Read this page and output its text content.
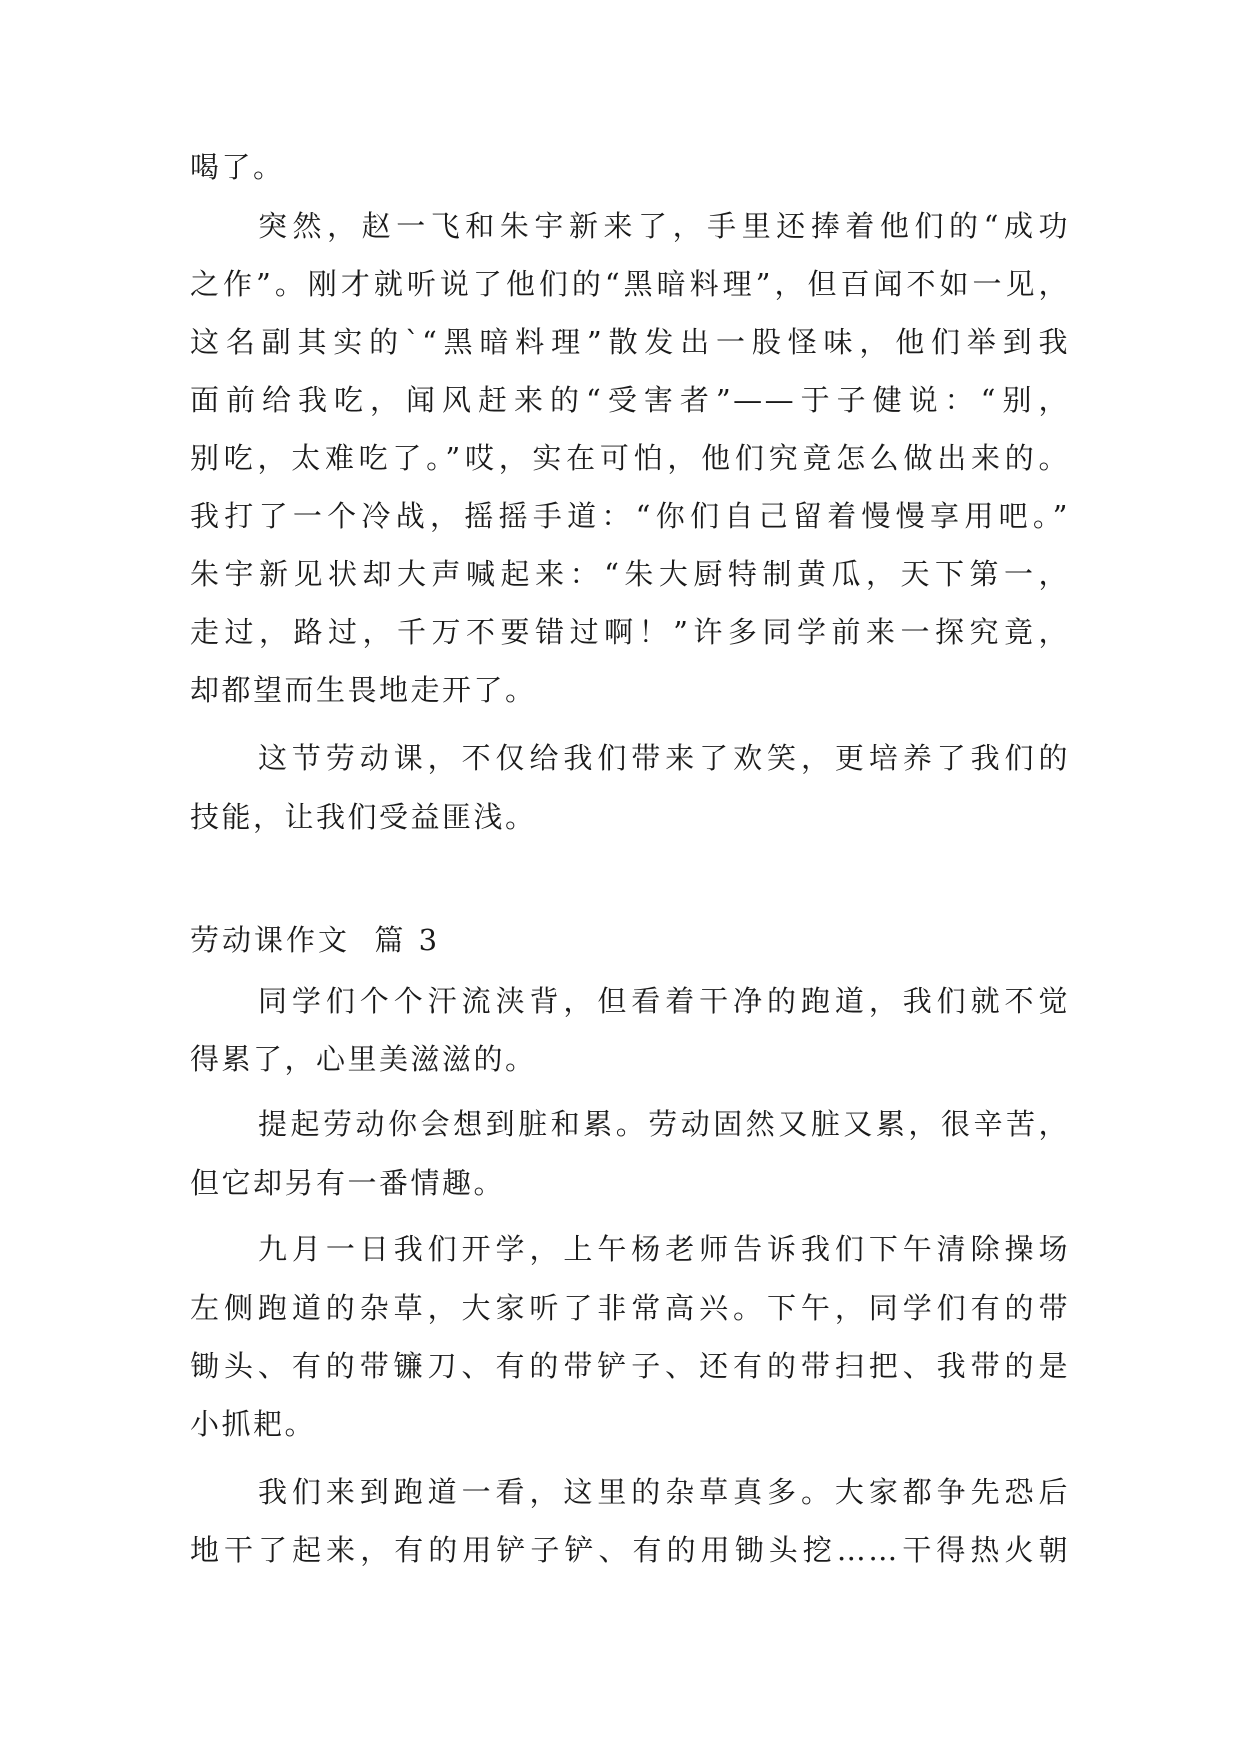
喝了。
突然，赵一飞和朱宇新来了，手里还捧着他们的“成功
之作”。刚才就听说了他们的“黑暗料理”，但百闻不如一见，
这名副其实的`“黑暗料理”散发出一股怪味，他们举到我
面前给我吃，闻风赶来的“受害者”——于子健说：“别，
别吃，太难吃了。”哎，实在可怕，他们究竟怎么做出来的。
我打了一个冷战，摇摇手道：“你们自己留着慢慢享用吧。”
朱宇新见状却大声喊起来：“朱大厨特制黄瓜，天下第一，
走过，路过，千万不要错过啊！”许多同学前来一探究竟，
却都望而生畏地走开了。
这节劳动课，不仅给我们带来了欢笑，更培养了我们的
技能，让我们受益匪浅。
劳动课作文  篇 3
同学们个个汗流浃背，但看着干净的跑道，我们就不觉
得累了，心里美滋滋的。
提起劳动你会想到脏和累。劳动固然又脏又累，很辛苦，
但它却另有一番情趣。
九月一日我们开学，上午杨老师告诉我们下午清除操场
左侧跑道的杂草，大家听了非常高兴。下午，同学们有的带
锄头、有的带镰刀、有的带铲子、还有的带扫把、我带的是
小抓耙。
我们来到跑道一看，这里的杂草真多。大家都争先恐后
地干了起来，有的用铲子铲、有的用锄头挖……干得热火朝
